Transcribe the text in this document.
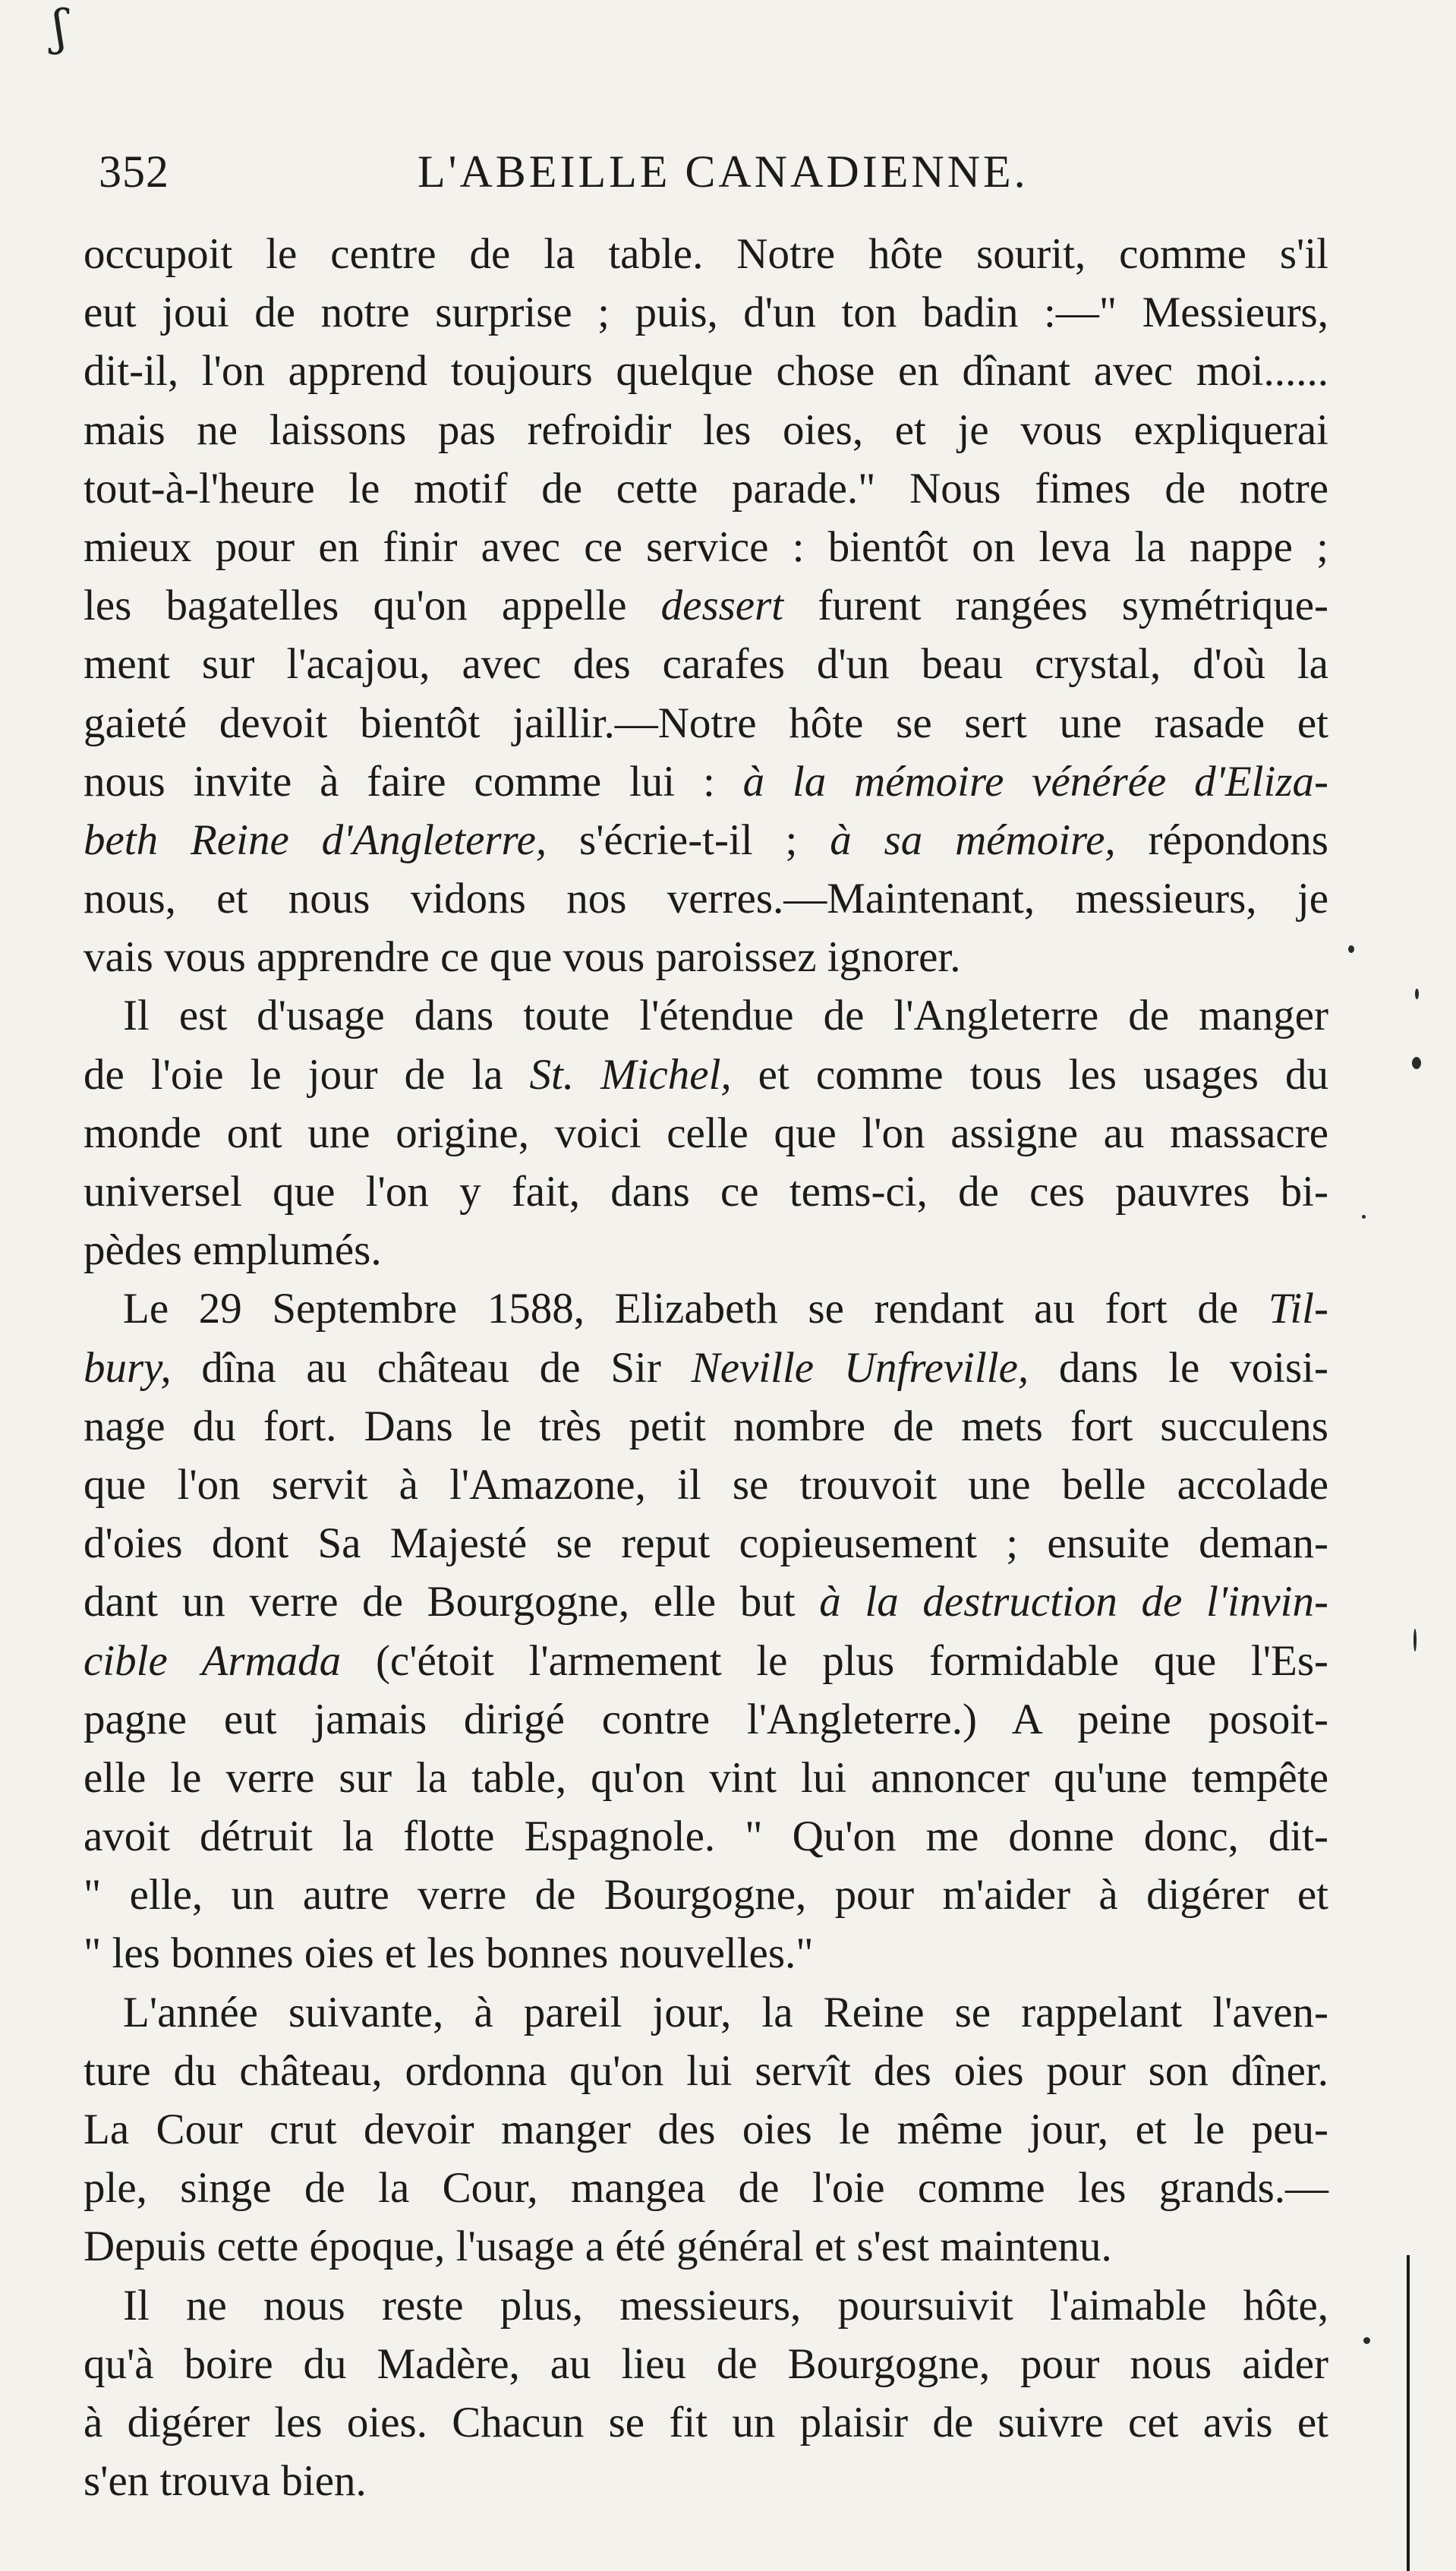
ʃ
352	L'ABEILLE CANADIENNE.
occupoit le centre de la table. Notre hôte sourit, comme s'il
eut joui de notre surprise ; puis, d'un ton badin :—" Messieurs,
dit-il, l'on apprend toujours quelque chose en dînant avec moi......
mais ne laissons pas refroidir les oies, et je vous expliquerai
tout-à-l'heure le motif de cette parade." Nous fimes de notre
mieux pour en finir avec ce service : bientôt on leva la nappe ;
les bagatelles qu'on appelle dessert furent rangées symétrique-
ment sur l'acajou, avec des carafes d'un beau crystal, d'où la
gaieté devoit bientôt jaillir.—Notre hôte se sert une rasade et
nous invite à faire comme lui : à la mémoire vénérée d'Eliza-
beth Reine d'Angleterre, s'écrie-t-il ; à sa mémoire, répondons
nous, et nous vidons nos verres.—Maintenant, messieurs, je
vais vous apprendre ce que vous paroissez ignorer.
Il est d'usage dans toute l'étendue de l'Angleterre de manger
de l'oie le jour de la St. Michel, et comme tous les usages du
monde ont une origine, voici celle que l'on assigne au massacre
universel que l'on y fait, dans ce tems-ci, de ces pauvres bi-
pèdes emplumés.
Le 29 Septembre 1588, Elizabeth se rendant au fort de Til-
bury, dîna au château de Sir Neville Unfreville, dans le voisi-
nage du fort. Dans le très petit nombre de mets fort succulens
que l'on servit à l'Amazone, il se trouvoit une belle accolade
d'oies dont Sa Majesté se reput copieusement ; ensuite deman-
dant un verre de Bourgogne, elle but à la destruction de l'invin-
cible Armada (c'étoit l'armement le plus formidable que l'Es-
pagne eut jamais dirigé contre l'Angleterre.) A peine posoit-
elle le verre sur la table, qu'on vint lui annoncer qu'une tempête
avoit détruit la flotte Espagnole. " Qu'on me donne donc, dit-
" elle, un autre verre de Bourgogne, pour m'aider à digérer et
" les bonnes oies et les bonnes nouvelles."
L'année suivante, à pareil jour, la Reine se rappelant l'aven-
ture du château, ordonna qu'on lui servît des oies pour son dîner.
La Cour crut devoir manger des oies le même jour, et le peu-
ple, singe de la Cour, mangea de l'oie comme les grands.—
Depuis cette époque, l'usage a été général et s'est maintenu.
Il ne nous reste plus, messieurs, poursuivit l'aimable hôte,
qu'à boire du Madère, au lieu de Bourgogne, pour nous aider
à digérer les oies. Chacun se fit un plaisir de suivre cet avis et
s'en trouva bien.
